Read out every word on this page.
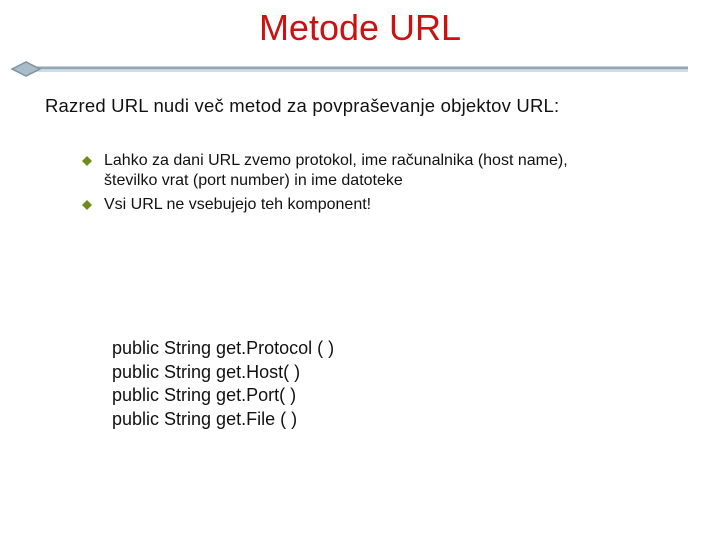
Metode URL
Razred URL nudi več metod za povpraševanje objektov URL:
Lahko za dani URL zvemo protokol, ime računalnika (host name),
številko vrat (port number) in ime datoteke
Vsi URL ne vsebujejo teh komponent!
public String get.Protocol ( )
public String get.Host( )
public String get.Port( )
public String get.File ( )
